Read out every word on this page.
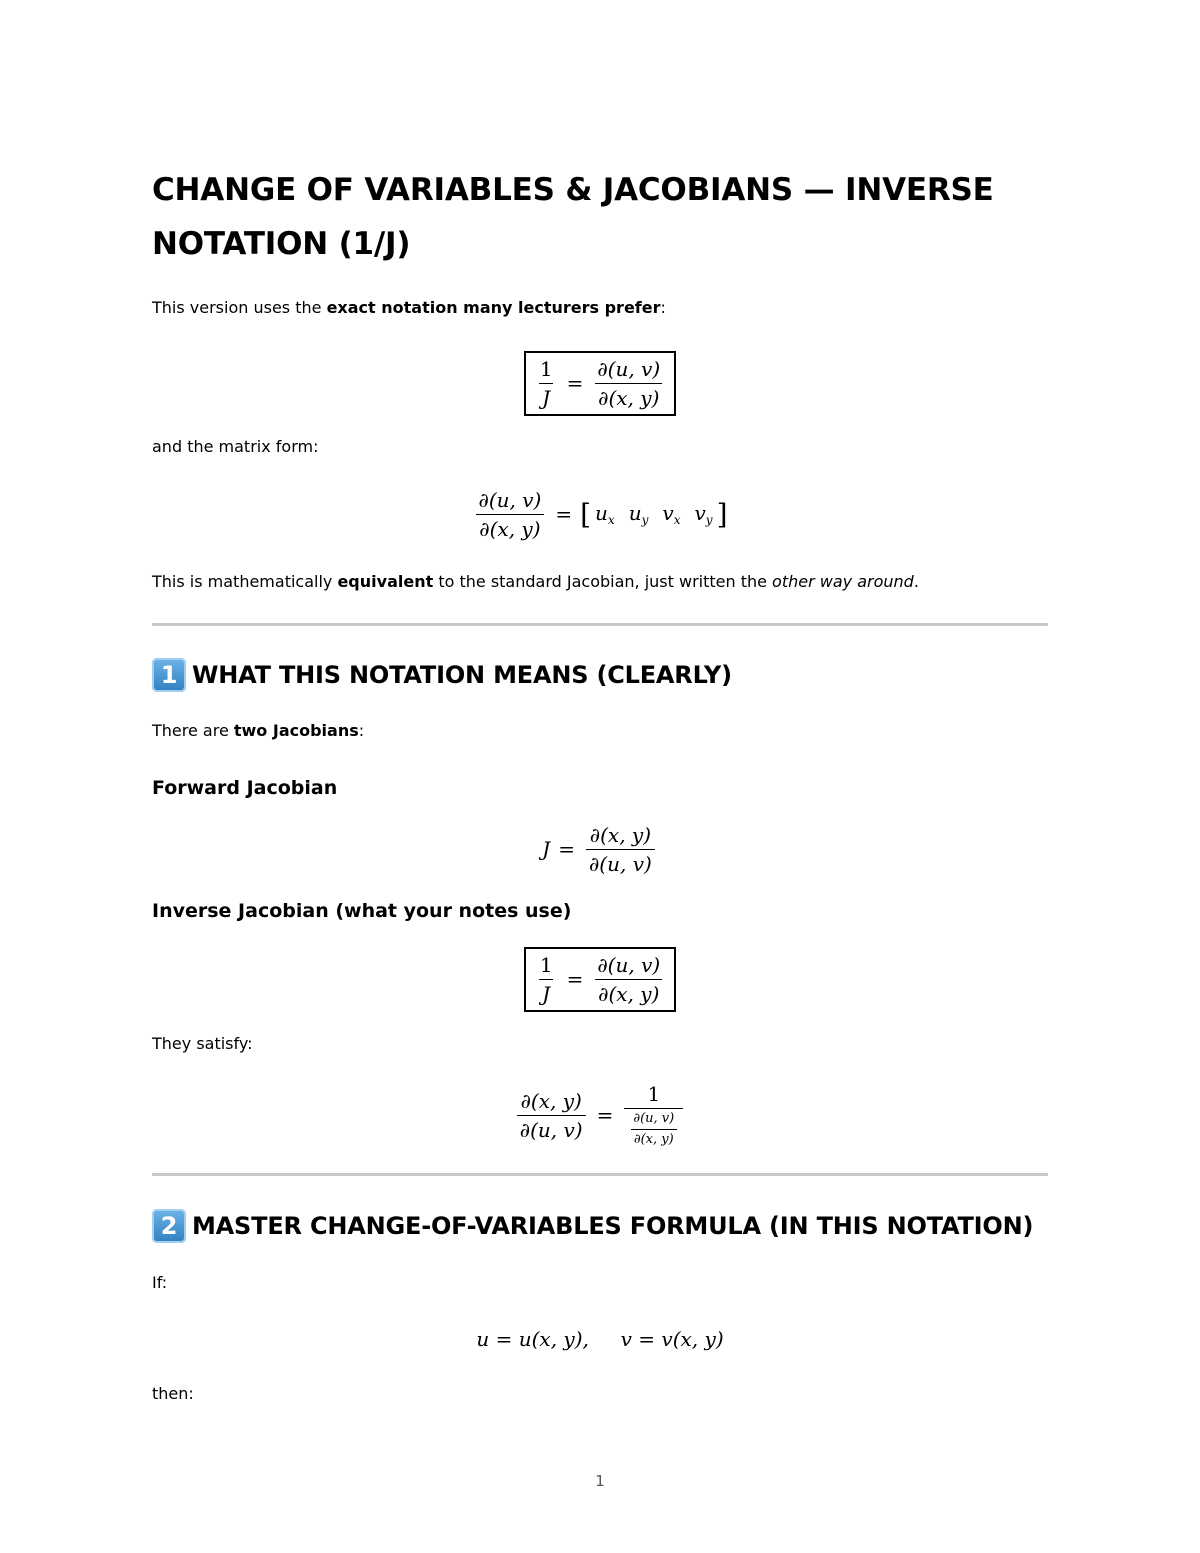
CHANGE OF VARIABLES & JACOBIANS — INVERSE NOTATION (1/J)

This version uses the exact notation many lecturers prefer:

$\frac{1}{J} = \frac{\partial(u, v)}{\partial(x, y)}$

and the matrix form:

$\frac{\partial(u, v)}{\partial(x, y)}$ = [ $u_x$ $u_y$ $v_x$ $v_y$ ]

This is mathematically equivalent to the standard Jacobian, just written the other way around.

1 WHAT THIS NOTATION MEANS (CLEARLY)

There are two Jacobians:

Forward Jacobian
$J = \frac{\partial(x, y)}{\partial(u, v)}$
Inverse Jacobian (what your notes use)
$\frac{1}{J} = \frac{\partial(u, v)}{\partial(x, y)}$

They satisfy:

$\frac{\partial(x, y)}{\partial(u, v)} = \frac{1}{\frac{\partial(u, v)}{\partial(x, y)}}$
2 MASTER CHANGE-OF-VARIABLES FORMULA (IN THIS NOTATION)

If:

u = u(x, y),     v = v(x, y)

then:

1
